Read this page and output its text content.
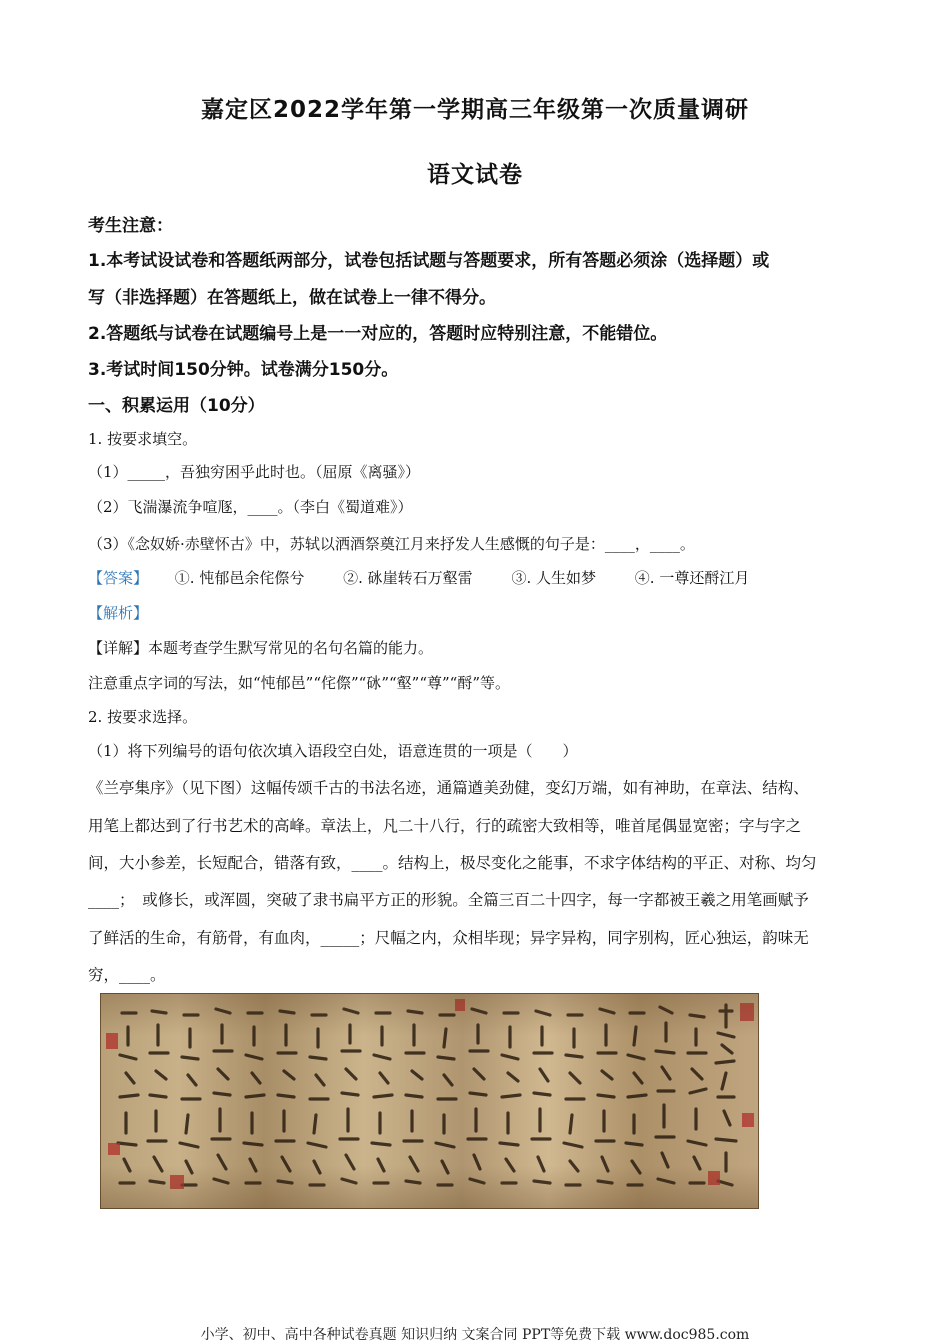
嘉定区2022学年第一学期高三年级第一次质量调研
语文试卷
考生注意：
1.本考试设试卷和答题纸两部分，试卷包括试题与答题要求，所有答题必须涂（选择题）或
写（非选择题）在答题纸上，做在试卷上一律不得分。
2.答题纸与试卷在试题编号上是一一对应的，答题时应特别注意，不能错位。
3.考试时间150分钟。试卷满分150分。
一、积累运用（10分）
1. 按要求填空。
（1）_____，吾独穷困乎此时也。（屈原《离骚》）
（2）飞湍瀑流争喧豗，____。（李白《蜀道难》）
（3）《念奴娇·赤壁怀古》中，苏轼以洒酒祭奠江月来抒发人生感慨的句子是：____，____。
【答案】 ①. 忳郁邑余侘傺兮	②. 砯崖转石万壑雷	③. 人生如梦	④. 一尊还酹江月
【解析】
【详解】本题考查学生默写常见的名句名篇的能力。
注意重点字词的写法，如“忳郁邑”“侘傺”“砯”“壑”“尊”“酹”等。
2. 按要求选择。
（1）将下列编号的语句依次填入语段空白处，语意连贯的一项是（　　）
《兰亭集序》（见下图）这幅传颂千古的书法名迹，通篇遒美劲健，变幻万端，如有神助，在章法、结构、
用笔上都达到了行书艺术的高峰。章法上，凡二十八行，行的疏密大致相等，唯首尾偶显宽密；字与字之
间，大小参差，长短配合，错落有致，____。结构上，极尽变化之能事，不求字体结构的平正、对称、均匀
____；　或修长，或浑圆，突破了隶书扁平方正的形貌。全篇三百二十四字，每一字都被王羲之用笔画赋予
了鲜活的生命，有筋骨，有血肉，_____；尺幅之内，众相毕现；异字异构，同字别构，匠心独运，韵味无
穷，____。
小学、初中、高中各种试卷真题 知识归纳 文案合同 PPT等免费下载 www.doc985.com
